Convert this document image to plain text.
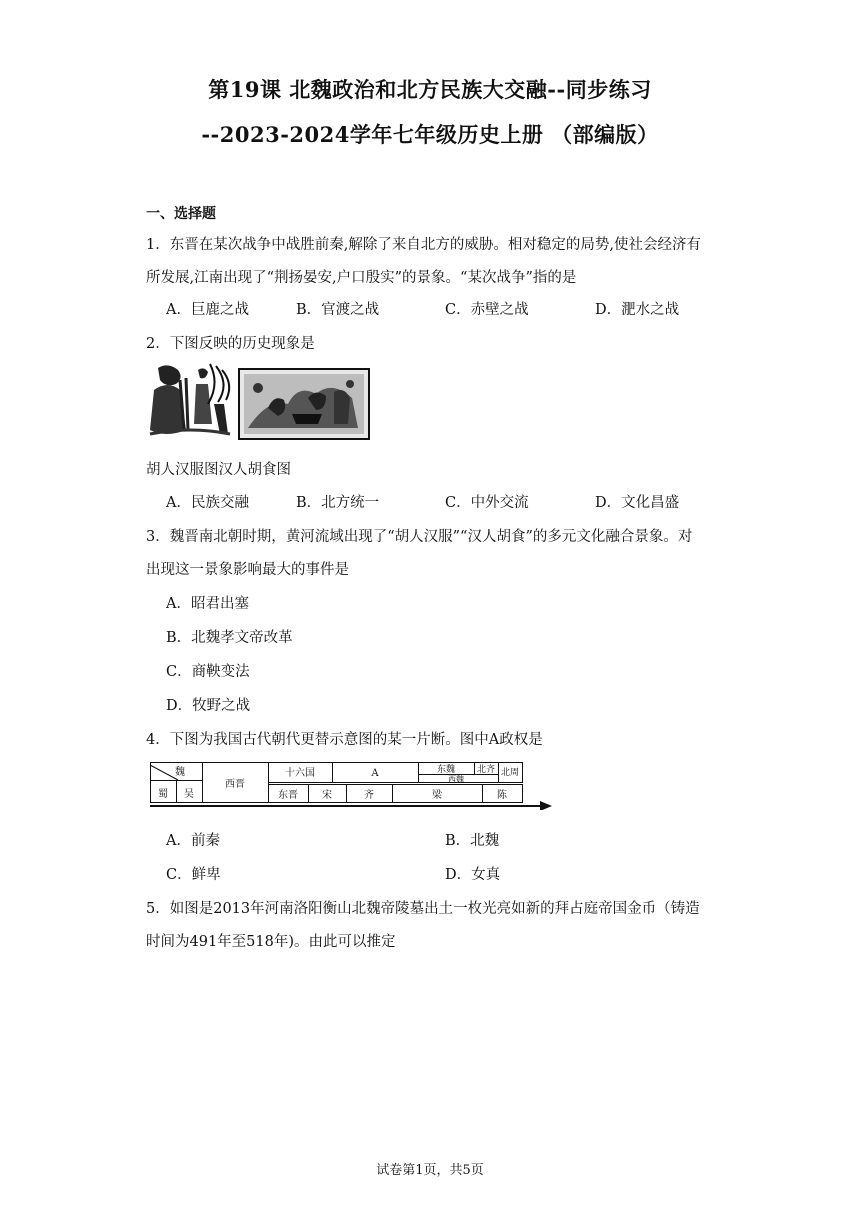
第19课 北魏政治和北方民族大交融--同步练习
--2023-2024学年七年级历史上册 （部编版）
一、选择题
1．东晋在某次战争中战胜前秦,解除了来自北方的威胁。相对稳定的局势,使社会经济有
所发展,江南出现了“荆扬晏安,户口殷实”的景象。“某次战争”指的是
A．巨鹿之战	B．官渡之战	C．赤壁之战	D．淝水之战
2．下图反映的历史现象是
胡人汉服图汉人胡食图
A．民族交融	B．北方统一	C．中外交流	D．文化昌盛
3．魏晋南北朝时期，黄河流域出现了“胡人汉服”“汉人胡食”的多元文化融合景象。对
出现这一景象影响最大的事件是
A．昭君出塞
B．北魏孝文帝改革
C．商鞅变法
D．牧野之战
4．下图为我国古代朝代更替示意图的某一片断。图中A政权是
魏
蜀 吴
西晋
十六国	A	东魏 北齐 北周
西魏
东晋 宋	齐	梁	陈
A．前秦	B．北魏
C．鲜卑	D．女真
5．如图是2013年河南洛阳衡山北魏帝陵墓出土一枚光亮如新的拜占庭帝国金币（铸造
时间为491年至518年)。由此可以推定
试卷第1页，共5页
